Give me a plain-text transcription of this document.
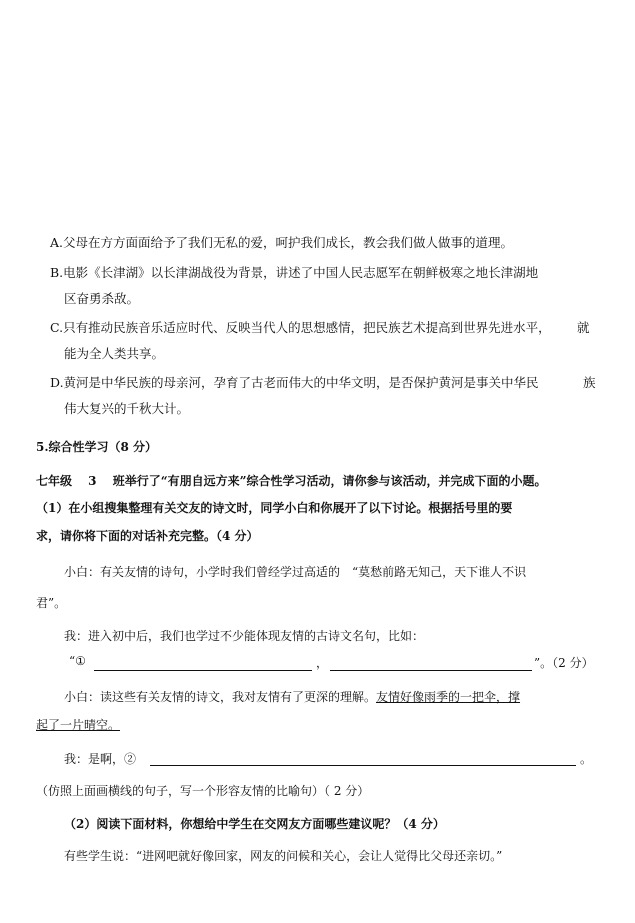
A.父母在方方面面给予了我们无私的爱，呵护我们成长，教会我们做人做事的道理。
B.电影《长津湖》以长津湖战役为背景，讲述了中国人民志愿军在朝鲜极寒之地长津湖地
区奋勇杀敌。
C.只有推动民族音乐适应时代、反映当代人的思想感情，把民族艺术提高到世界先进水平， 就
能为全人类共享。
D.黄河是中华民族的母亲河，孕育了古老而伟大的中华文明，是否保护黄河是事关中华民	族
伟大复兴的千秋大计。
5.综合性学习（8 分）
七年级　 3　 班举行了“有朋自远方来”综合性学习活动，请你参与该活动，并完成下面的小题。
（1）在小组搜集整理有关交友的诗文时，同学小白和你展开了以下讨论。根据括号里的要
求，请你将下面的对话补充完整。（4 分）
小白：有关友情的诗句，小学时我们曾经学过高适的　“莫愁前路无知己，天下谁人不识
君”。
我：进入初中后，我们也学过不少能体现友情的古诗文名句，比如：
“①	，	”。（2 分）
小白：读这些有关友情的诗文，我对友情有了更深的理解。友情好像雨季的一把伞，撑
起了一片晴空。
我：是啊，②	。
（仿照上面画横线的句子，写一个形容友情的比喻句）（ 2 分）
（2）阅读下面材料，你想给中学生在交网友方面哪些建议呢？（4 分）
有些学生说：“进网吧就好像回家，网友的问候和关心，会让人觉得比父母还亲切。”
